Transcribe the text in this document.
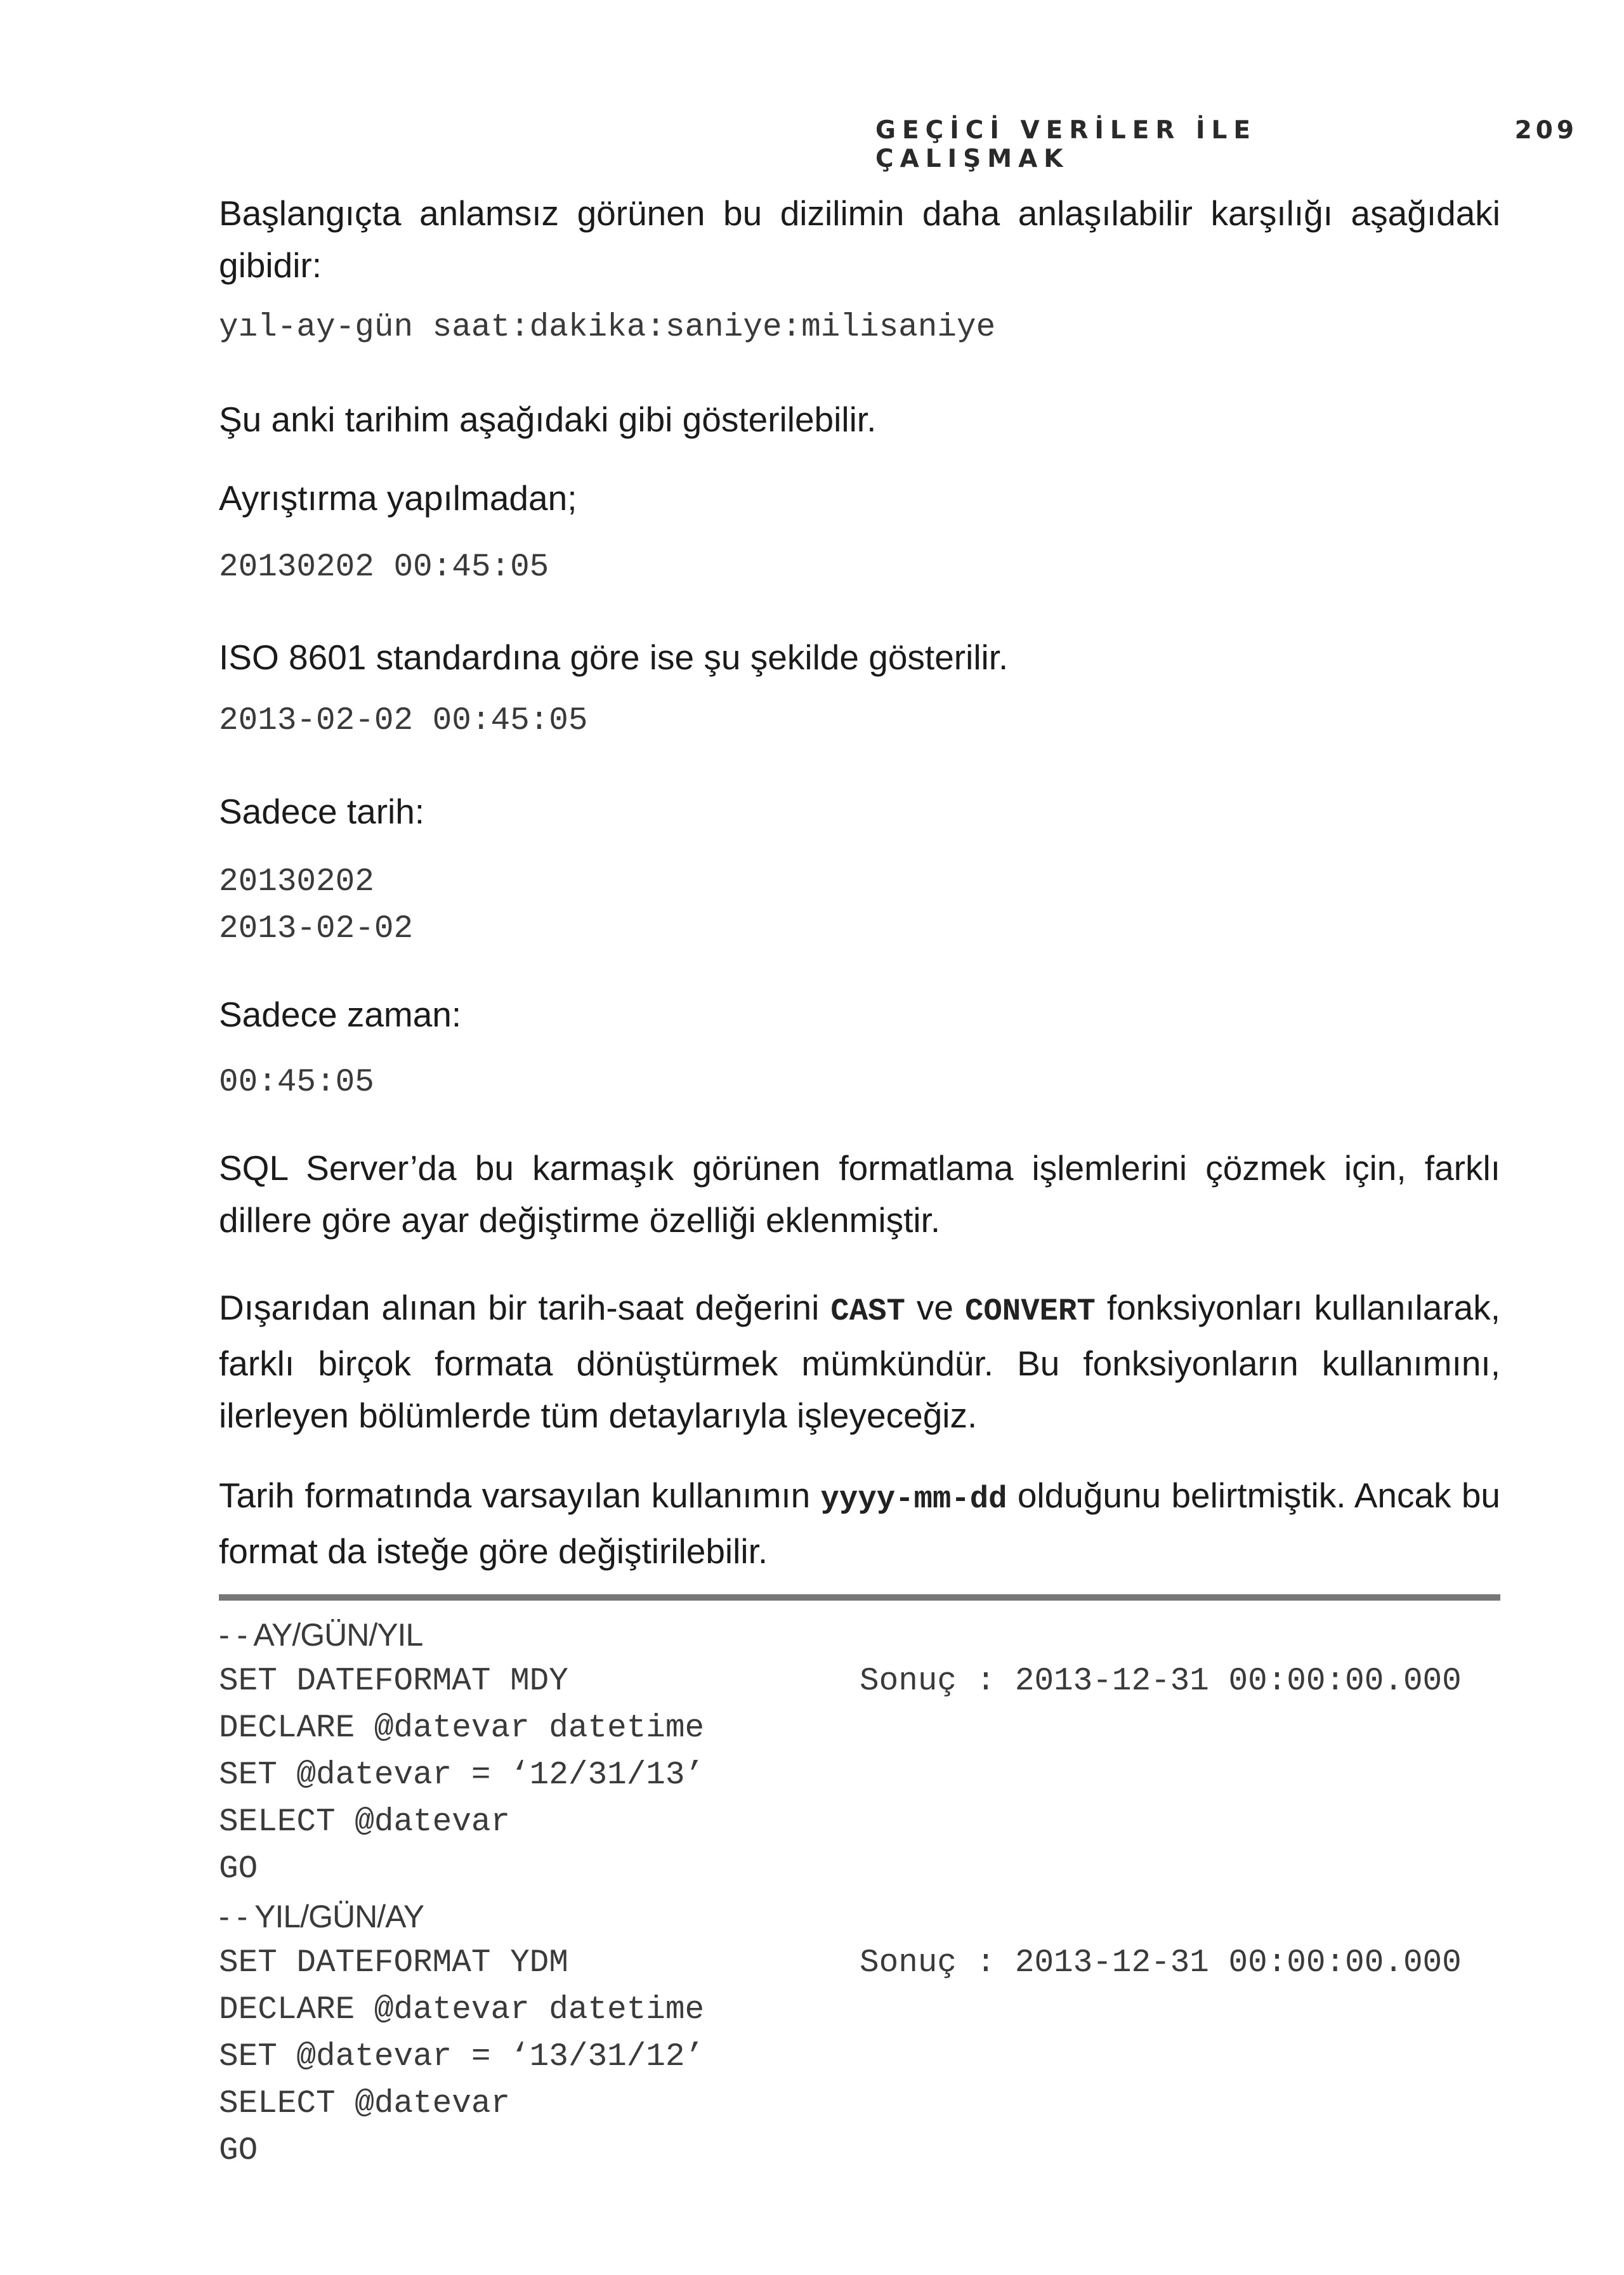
GEÇİCİ VERİLER İLE ÇALIŞMAK
209
Başlangıçta anlamsız görünen bu dizilimin daha anlaşılabilir karşılığı aşağıdaki gibidir:
yıl-ay-gün saat:dakika:saniye:milisaniye
Şu anki tarihim aşağıdaki gibi gösterilebilir.
Ayrıştırma yapılmadan;
20130202 00:45:05
ISO 8601 standardına göre ise şu şekilde gösterilir.
2013-02-02 00:45:05
Sadece tarih:
20130202
2013-02-02
Sadece zaman:
00:45:05
SQL Server’da bu karmaşık görünen formatlama işlemlerini çözmek için, farklı dillere göre ayar değiştirme özelliği eklenmiştir.
Dışarıdan alınan bir tarih-saat değerini CAST ve CONVERT fonksiyonları kullanılarak, farklı birçok formata dönüştürmek mümkündür. Bu fonksiyonların kullanımını, ilerleyen bölümlerde tüm detaylarıyla işleyeceğiz.
Tarih formatında varsayılan kullanımın yyyy-mm-dd olduğunu belirtmiştik. Ancak bu format da isteğe göre değiştirilebilir.
- - AY/GÜN/YIL
SET DATEFORMAT MDY	Sonuç : 2013-12-31 00:00:00.000
DECLARE @datevar datetime
SET @datevar = ‘12/31/13’
SELECT @datevar
GO
- - YIL/GÜN/AY
SET DATEFORMAT YDM	Sonuç : 2013-12-31 00:00:00.000
DECLARE @datevar datetime
SET @datevar = ‘13/31/12’
SELECT @datevar
GO
